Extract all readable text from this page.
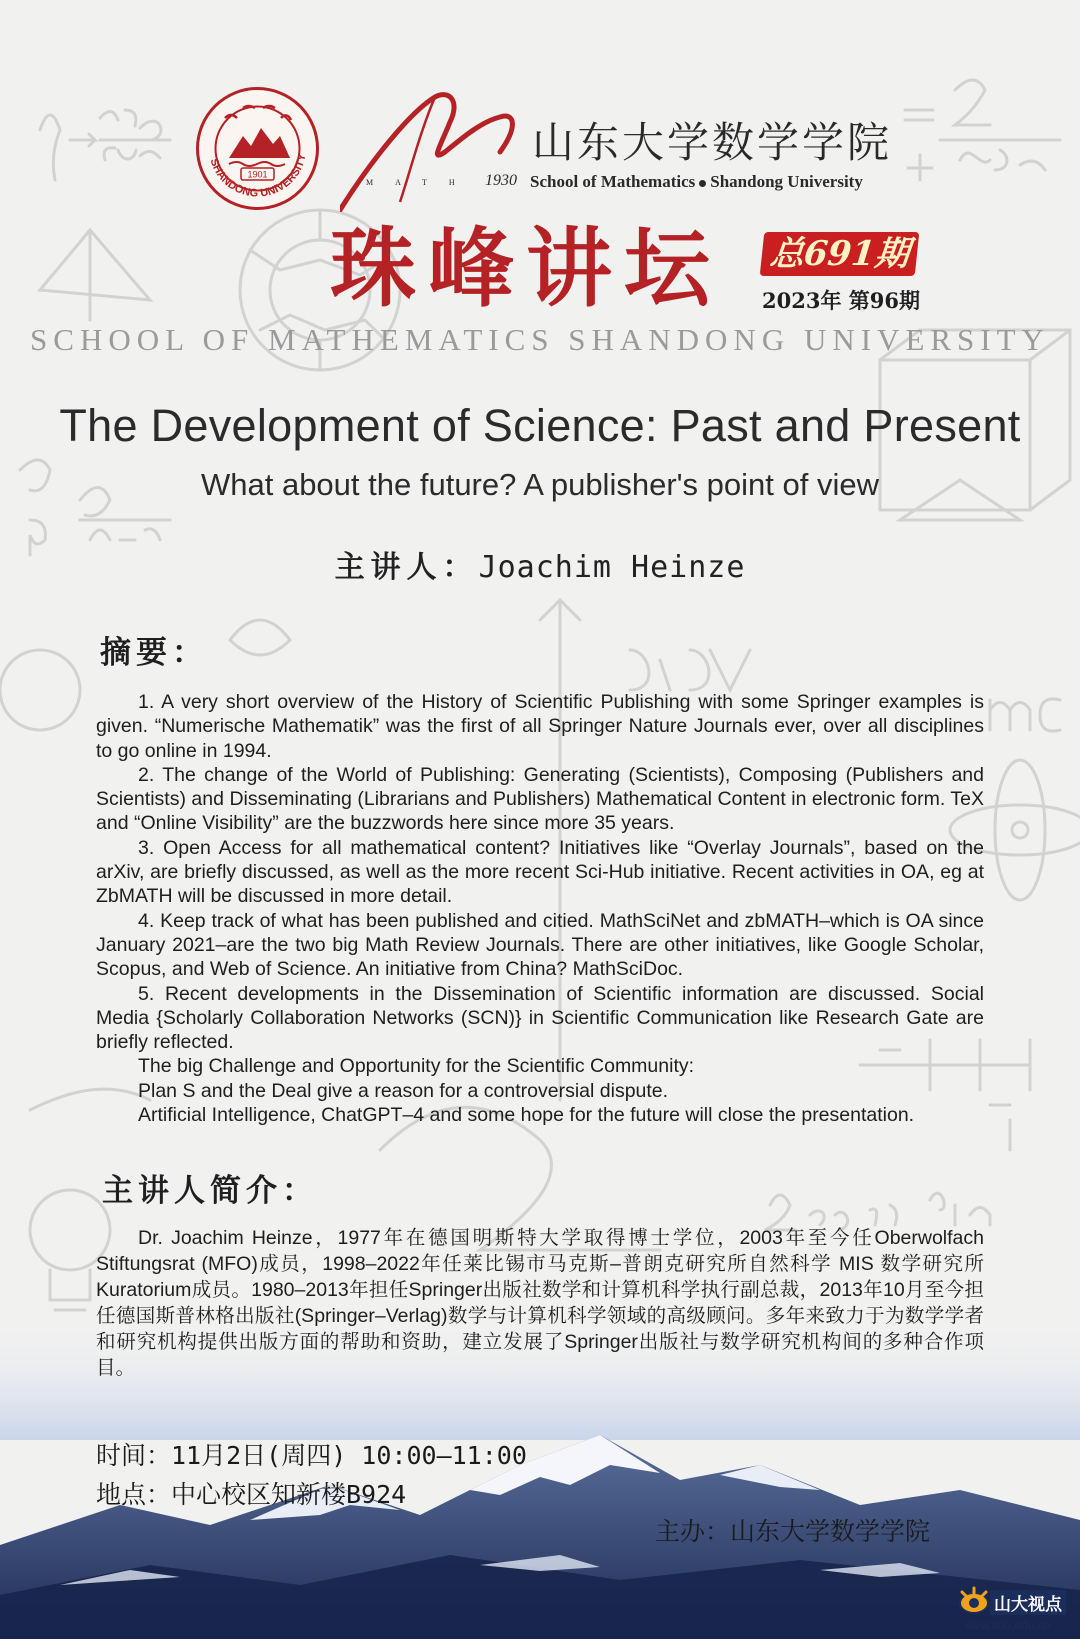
1901
SHANDONG UNIVERSITY
MATH 1930
山东大学数学学院
School of Mathematics Shandong University
珠峰讲坛 总691期
2023年 第96期
SCHOOL OF MATHEMATICS SHANDONG UNIVERSITY
The Development of Science: Past and Present
What about the future? A publisher's point of view
主讲人：Joachim Heinze
摘要：
1. A very short overview of the History of Scientific Publishing with some Springer examples is given. “Numerische Mathematik” was the first of all Springer Nature Journals ever, over all disciplines to go online in 1994.
2. The change of the World of Publishing: Generating (Scientists), Composing (Publishers and Scientists) and Disseminating (Librarians and Publishers) Mathematical Content in electronic form. TeX and “Online Visibility” are the buzzwords here since more 35 years.
3. Open Access for all mathematical content? Initiatives like “Overlay Journals”, based on the arXiv, are briefly discussed, as well as the more recent Sci-Hub initiative. Recent activities in OA, eg at ZbMATH will be discussed in more detail.
4. Keep track of what has been published and citied. MathSciNet and zbMATH–which is OA since January 2021–are the two big Math Review Journals. There are other initiatives, like Google Scholar, Scopus, and Web of Science. An initiative from China? MathSciDoc.
5. Recent developments in the Dissemination of Scientific information are discussed. Social Media {Scholarly Collaboration Networks (SCN)} in Scientific Communication like Research Gate are briefly reflected.
The big Challenge and Opportunity for the Scientific Community:
Plan S and the Deal give a reason for a controversial dispute.
Artificial Intelligence, ChatGPT–4 and some hope for the future will close the presentation.
主讲人简介：
Dr. Joachim Heinze，1977年在德国明斯特大学取得博士学位，2003年至今任Oberwolfach Stiftungsrat (MFO)成员，1998–2022年任莱比锡市马克斯–普朗克研究所自然科学 MIS 数学研究所Kuratorium成员。1980–2013年担任Springer出版社数学和计算机科学执行副总裁，2013年10月至今担任德国斯普林格出版社(Springer–Verlag)数学与计算机科学领域的高级顾问。多年来致力于为数学学者和研究机构提供出版方面的帮助和资助，建立发展了Springer出版社与数学研究机构间的多种合作项目。
时间：11月2日(周四) 10:00–11:00
地点：中心校区知新楼B924
主办：山东大学数学学院
山大视点
view.sdu.edu.cn
